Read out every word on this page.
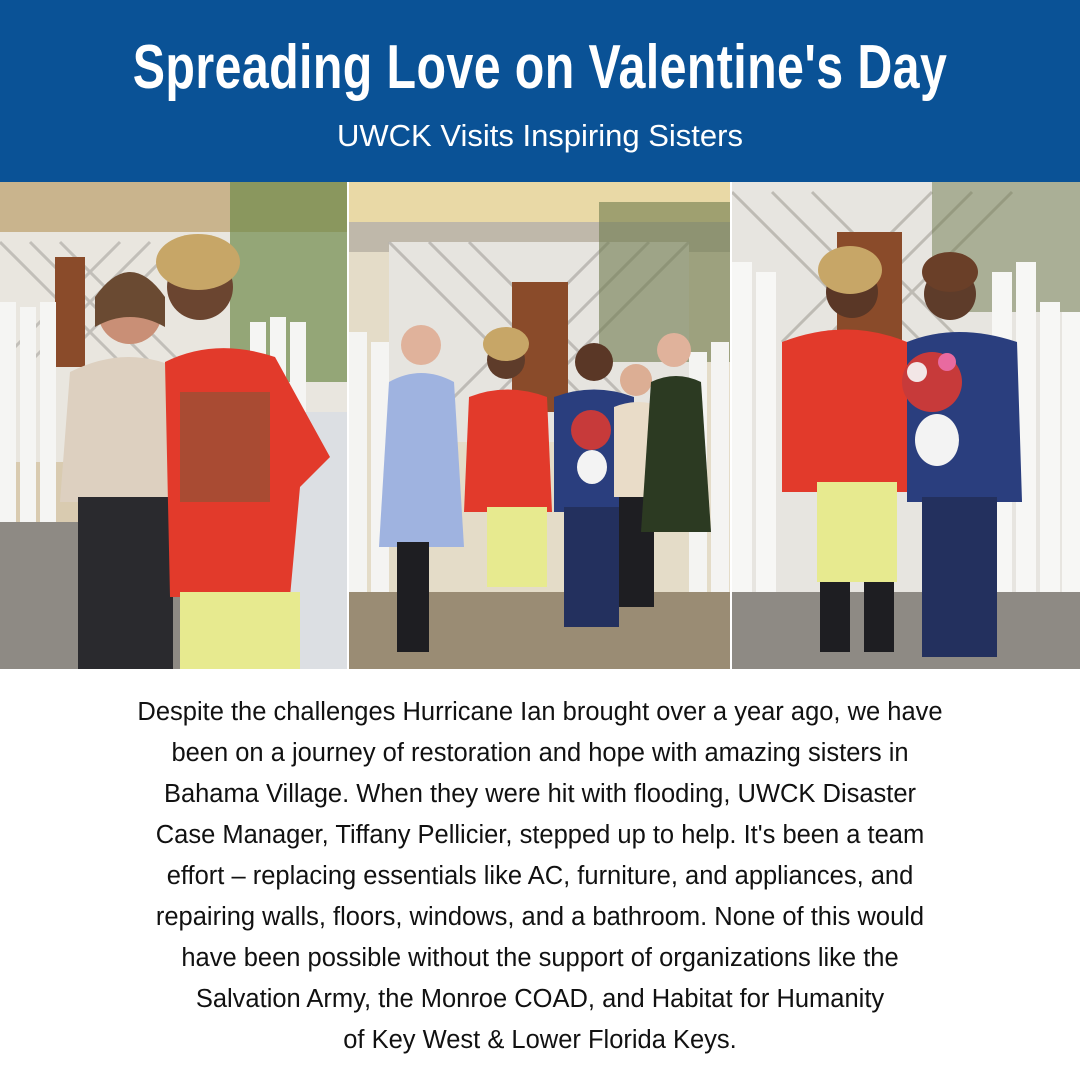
Spreading Love on Valentine's Day
UWCK Visits Inspiring Sisters
Despite the challenges Hurricane Ian brought over a year ago, we have
been on a journey of restoration and hope with amazing sisters in
Bahama Village. When they were hit with flooding, UWCK Disaster
Case Manager, Tiffany Pellicier, stepped up to help. It's been a team
effort – replacing essentials like AC, furniture, and appliances, and
repairing walls, floors, windows, and a bathroom. None of this would
have been possible without the support of organizations like the
Salvation Army, the Monroe COAD, and Habitat for Humanity
of Key West & Lower Florida Keys.
